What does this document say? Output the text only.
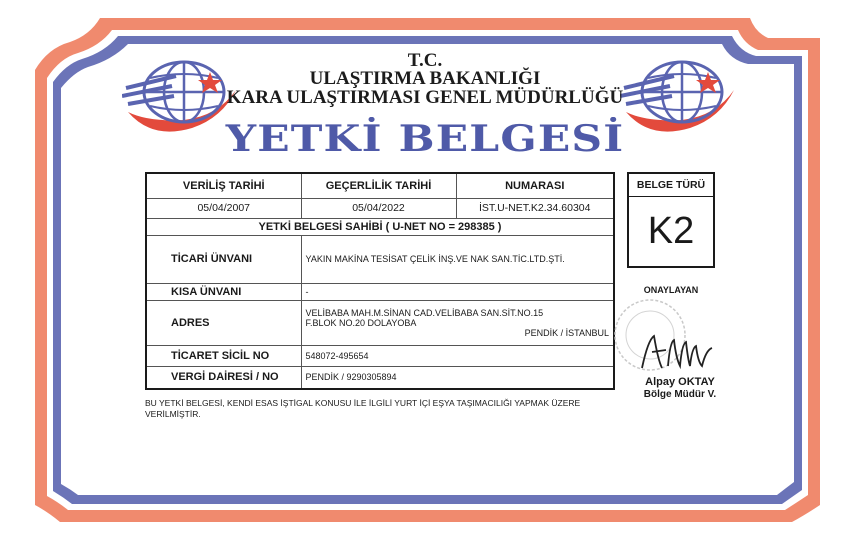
T.C.
ULAŞTIRMA BAKANLIĞI
KARA ULAŞTIRMASI GENEL MÜDÜRLÜĞÜ
YETKİ BELGESİ
VERİLİŞ TARİHİ	GEÇERLİLİK TARİHİ	NUMARASI
05/04/2007	05/04/2022	İST.U-NET.K2.34.60304
YETKİ BELGESİ SAHİBİ ( U-NET NO = 298385 )		
TİCARİ ÜNVANI	YAKIN MAKİNA TESİSAT ÇELİK İNŞ.VE NAK SAN.TİC.LTD.ŞTİ.	
KISA ÜNVANI	-	
ADRES	VELİBABA MAH.M.SİNAN CAD.VELİBABA SAN.SİT.NO.15
F.BLOK NO.20 DOLAYOBA
PENDİK / İSTANBUL	

TİCARET SİCİL NO	548072-495654	
VERGİ DAİRESİ / NO	PENDİK / 9290305894	
BELGE TÜRÜ
K2
ONAYLAYAN
Alpay OKTAY
Bölge Müdür V.
BU YETKİ BELGESİ, KENDİ ESAS İŞTİGAL KONUSU İLE İLGİLİ YURT İÇİ EŞYA TAŞIMACILIĞI YAPMAK ÜZERE
VERİLMİŞTİR.
